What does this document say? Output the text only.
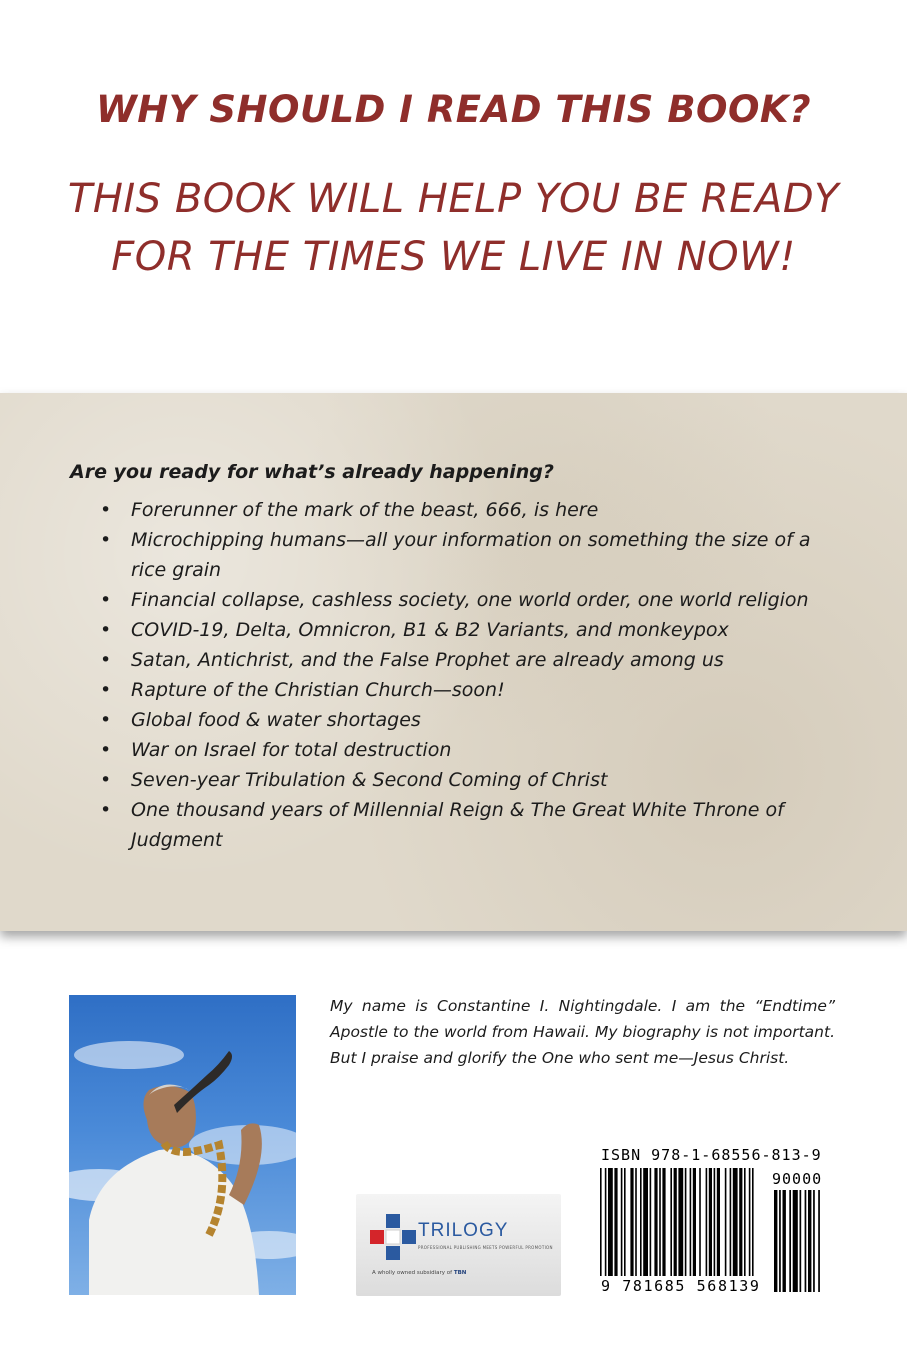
WHY SHOULD I READ THIS BOOK?
THIS BOOK WILL HELP YOU BE READY
FOR THE TIMES WE LIVE IN NOW!

Are you ready for what’s already happening?

• Forerunner of the mark of the beast, 666, is here
• Microchipping humans—all your information on something the size of a rice grain
• Financial collapse, cashless society, one world order, one world religion
• COVID-19, Delta, Omnicron, B1 & B2 Variants, and monkeypox
• Satan, Antichrist, and the False Prophet are already among us
• Rapture of the Christian Church—soon!
• Global food & water shortages
• War on Israel for total destruction
• Seven-year Tribulation & Second Coming of Christ
• One thousand years of Millennial Reign & The Great White Throne of Judgment

My name is Constantine I. Nightingdale. I am the “Endtime” Apostle to the world from Hawaii. My biography is not important. But I praise and glorify the One who sent me—Jesus Christ.

TRILOGY

PROFESSIONAL PUBLISHING MEETS POWERFUL PROMOTION

A wholly owned subsidiary of TBN

ISBN 978-1-68556-813-9

90000

9 781685 568139
